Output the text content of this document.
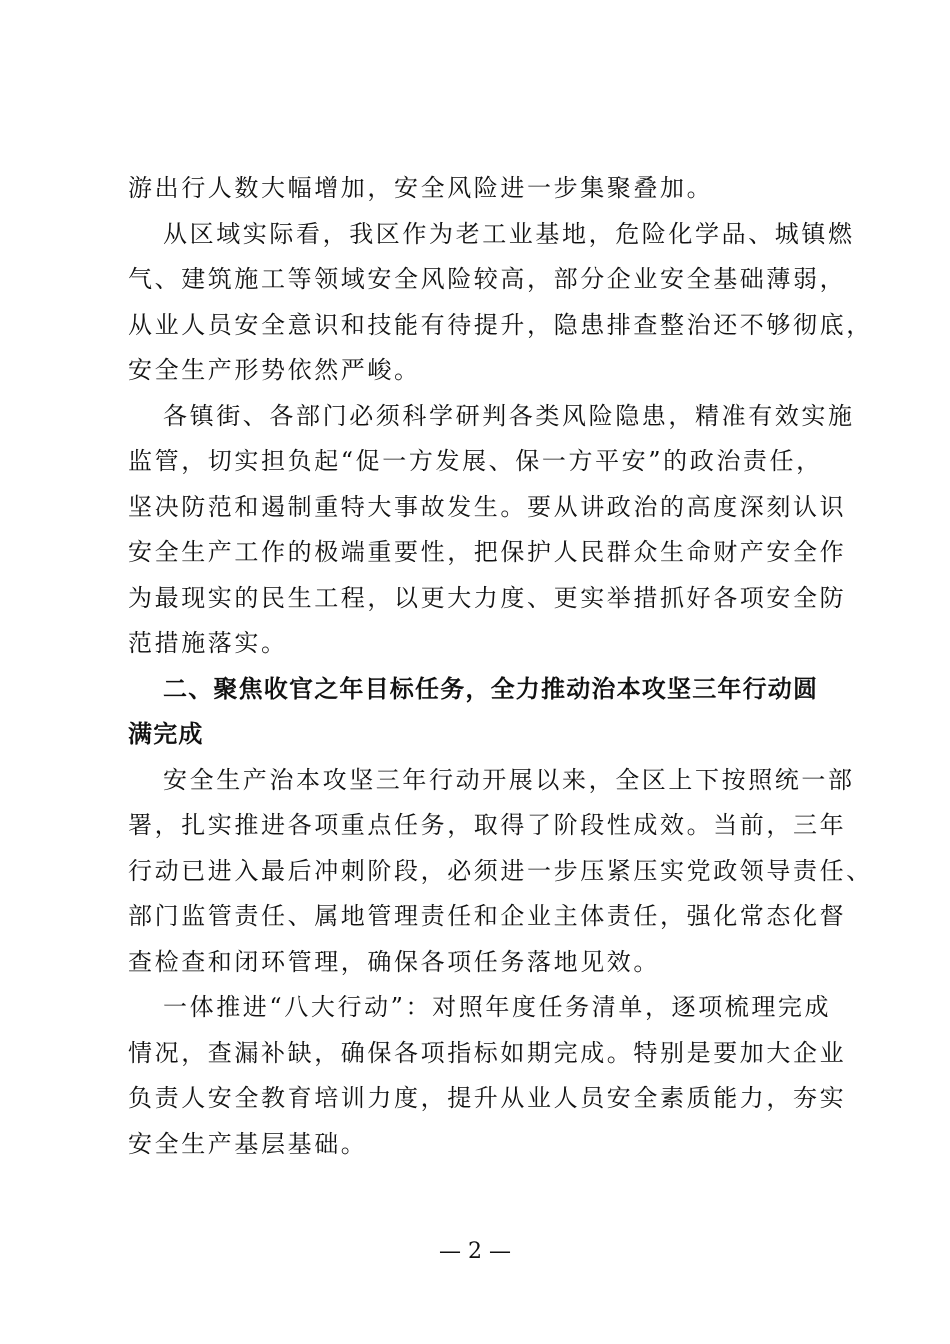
游出行人数大幅增加，安全风险进一步集聚叠加。
从区域实际看，我区作为老工业基地，危险化学品、城镇燃
气、建筑施工等领域安全风险较高，部分企业安全基础薄弱，
从业人员安全意识和技能有待提升，隐患排查整治还不够彻底，
安全生产形势依然严峻。
各镇街、各部门必须科学研判各类风险隐患，精准有效实施
监管，切实担负起“促一方发展、保一方平安”的政治责任，
坚决防范和遏制重特大事故发生。要从讲政治的高度深刻认识
安全生产工作的极端重要性，把保护人民群众生命财产安全作
为最现实的民生工程，以更大力度、更实举措抓好各项安全防
范措施落实。
二、聚焦收官之年目标任务，全力推动治本攻坚三年行动圆
满完成
安全生产治本攻坚三年行动开展以来，全区上下按照统一部
署，扎实推进各项重点任务，取得了阶段性成效。当前，三年
行动已进入最后冲刺阶段，必须进一步压紧压实党政领导责任、
部门监管责任、属地管理责任和企业主体责任，强化常态化督
查检查和闭环管理，确保各项任务落地见效。
一体推进“八大行动”：对照年度任务清单，逐项梳理完成
情况，查漏补缺，确保各项指标如期完成。特别是要加大企业
负责人安全教育培训力度，提升从业人员安全素质能力，夯实
安全生产基层基础。
— 2 —
